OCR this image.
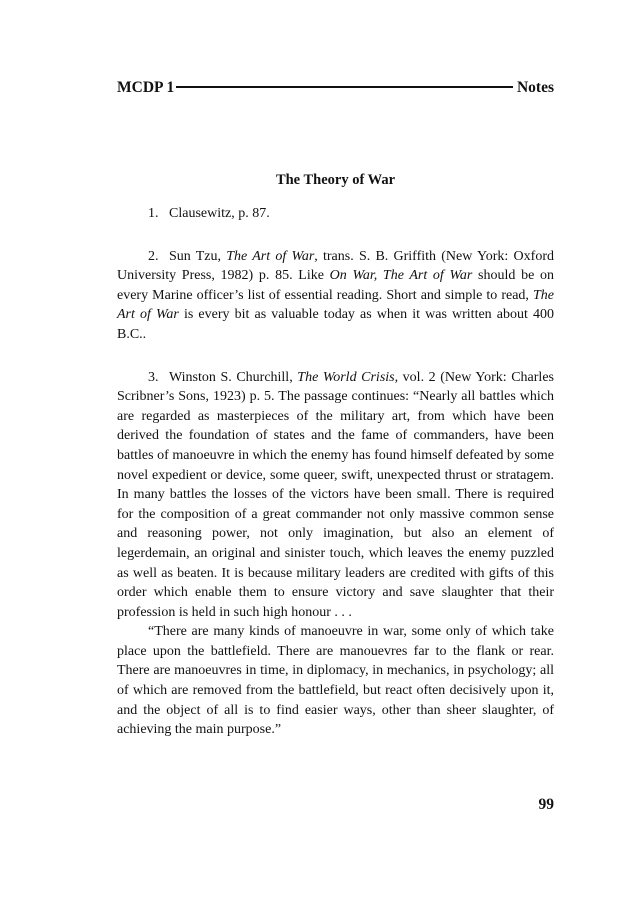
MCDP 1	Notes
The Theory of War

1. Clausewitz, p. 87.

2. Sun Tzu, The Art of War, trans. S. B. Griffith (New York: Oxford University Press, 1982) p. 85. Like On War, The Art of War should be on every Marine officer’s list of essential reading. Short and simple to read, The Art of War is every bit as valuable today as when it was written about 400 B.C..

3. Winston S. Churchill, The World Crisis, vol. 2 (New York: Charles Scribner’s Sons, 1923) p. 5. The passage continues: “Nearly all battles which are regarded as masterpieces of the military art, from which have been derived the foundation of states and the fame of commanders, have been battles of manoeuvre in which the enemy has found himself defeated by some novel expedient or device, some queer, swift, unexpected thrust or stratagem. In many battles the losses of the victors have been small. There is required for the composition of a great commander not only massive common sense and reasoning power, not only imagination, but also an element of legerdemain, an original and sinister touch, which leaves the enemy puzzled as well as beaten. It is because military leaders are credited with gifts of this order which enable them to ensure victory and save slaughter that their profession is held in such high honour . . .

“There are many kinds of manoeuvre in war, some only of which take place upon the battlefield. There are manouevres far to the flank or rear. There are manoeuvres in time, in diplomacy, in mechanics, in psychology; all of which are removed from the battlefield, but react often decisively upon it, and the object of all is to find easier ways, other than sheer slaughter, of achieving the main purpose.”

99
